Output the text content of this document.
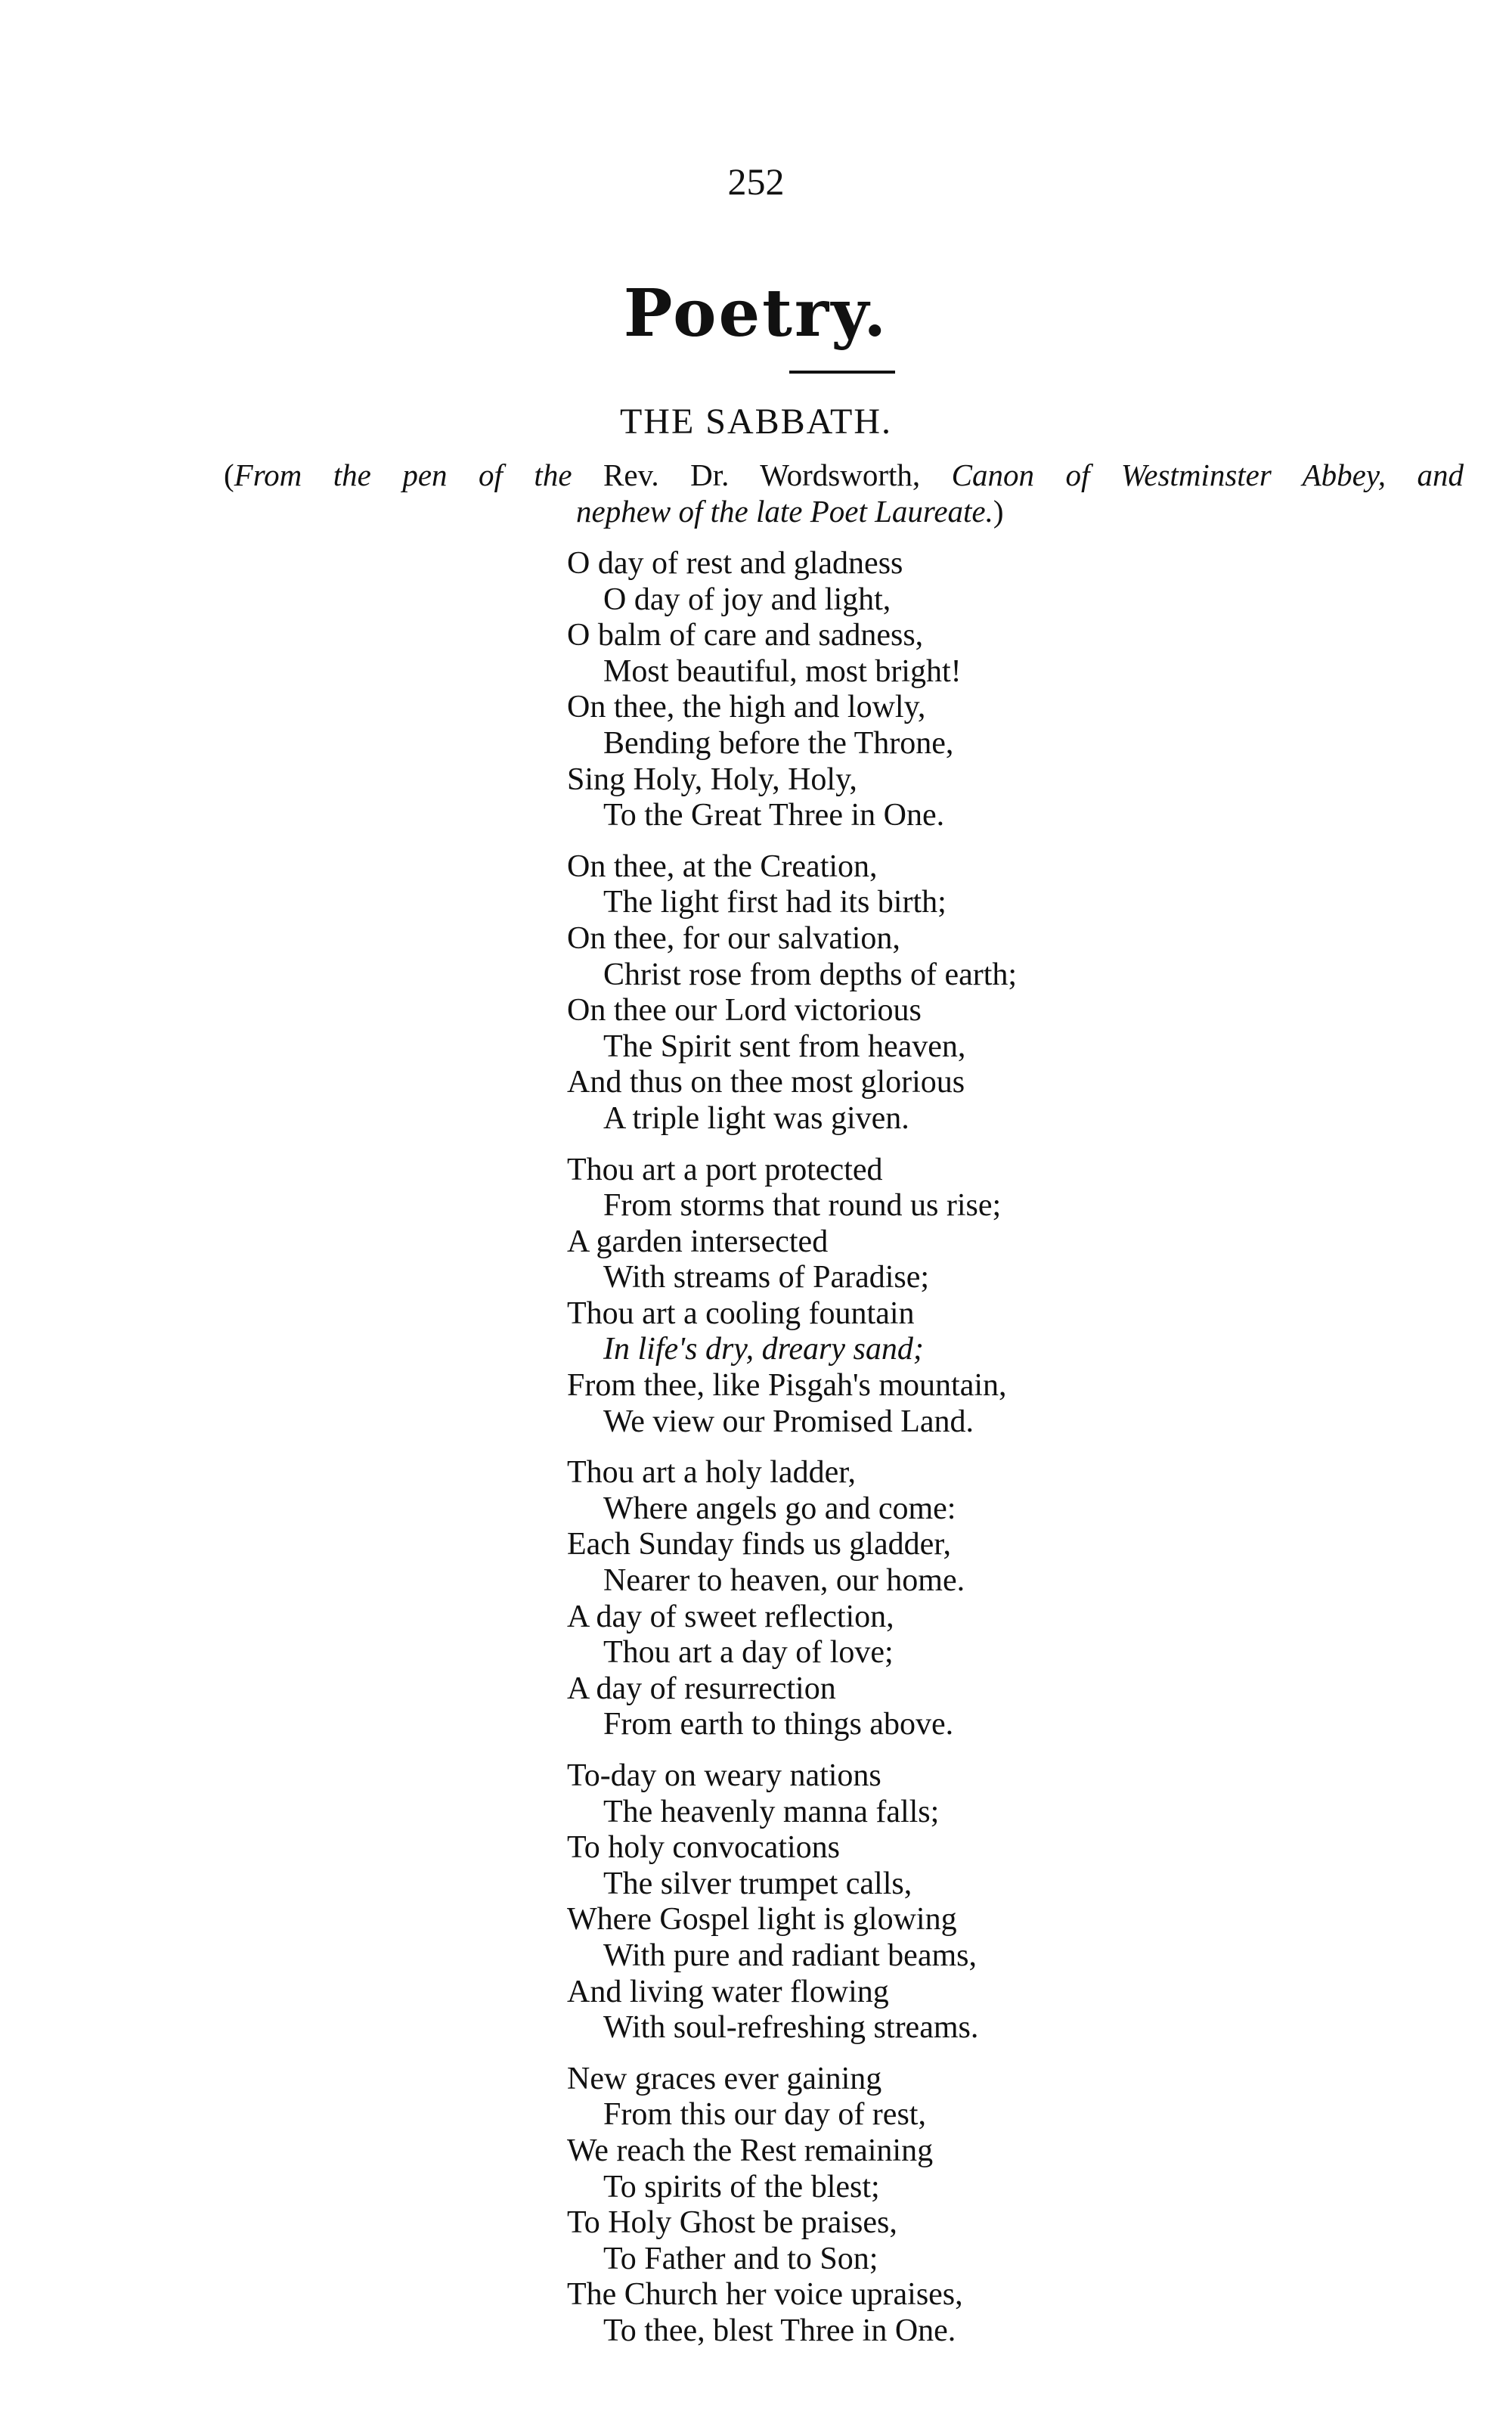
252
Poetry.
THE SABBATH.
(From the pen of the Rev. Dr. Wordsworth, Canon of Westminster Abbey, and
nephew of the late Poet Laureate.)
O day of rest and gladness
O day of joy and light,
O balm of care and sadness,
Most beautiful, most bright!
On thee, the high and lowly,
Bending before the Throne,
Sing Holy, Holy, Holy,
To the Great Three in One.
On thee, at the Creation,
The light first had its birth;
On thee, for our salvation,
Christ rose from depths of earth;
On thee our Lord victorious
The Spirit sent from heaven,
And thus on thee most glorious
A triple light was given.
Thou art a port protected
From storms that round us rise;
A garden intersected
With streams of Paradise;
Thou art a cooling fountain
In life's dry, dreary sand;
From thee, like Pisgah's mountain,
We view our Promised Land.
Thou art a holy ladder,
Where angels go and come:
Each Sunday finds us gladder,
Nearer to heaven, our home.
A day of sweet reflection,
Thou art a day of love;
A day of resurrection
From earth to things above.
To-day on weary nations
The heavenly manna falls;
To holy convocations
The silver trumpet calls,
Where Gospel light is glowing
With pure and radiant beams,
And living water flowing
With soul-refreshing streams.
New graces ever gaining
From this our day of rest,
We reach the Rest remaining
To spirits of the blest;
To Holy Ghost be praises,
To Father and to Son;
The Church her voice upraises,
To thee, blest Three in One.
